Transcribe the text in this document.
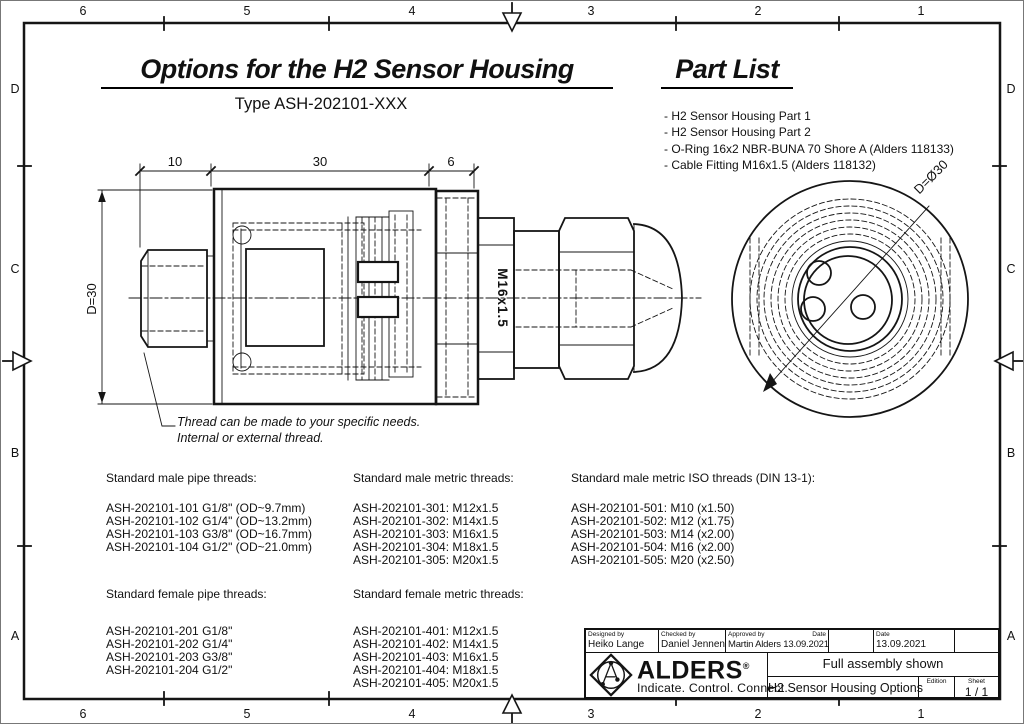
10	30	6
D=30	M16x1.5
D=Ø30
Options for the H2 Sensor Housing
Type ASH-202101-XXX
Part List
- H2 Sensor Housing Part 1
- H2 Sensor Housing Part 2
- O-Ring 16x2 NBR-BUNA 70 Shore A (Alders 118133)
- Cable Fitting M16x1.5 (Alders 118132)
Thread can be made to your specific needs.
Internal or external thread.
Standard male pipe threads:
ASH-202101-101 G1/8" (OD~9.7mm)
ASH-202101-102 G1/4" (OD~13.2mm)
ASH-202101-103 G3/8" (OD~16.7mm)
ASH-202101-104 G1/2" (OD~21.0mm)
Standard male metric threads:
ASH-202101-301: M12x1.5
ASH-202101-302: M14x1.5
ASH-202101-303: M16x1.5
ASH-202101-304: M18x1.5
ASH-202101-305: M20x1.5
Standard male metric ISO threads (DIN 13-1):
ASH-202101-501: M10 (x1.50)
ASH-202101-502: M12 (x1.75)
ASH-202101-503: M14 (x2.00)
ASH-202101-504: M16 (x2.00)
ASH-202101-505: M20 (x2.50)
Standard female pipe threads:
ASH-202101-201 G1/8"
ASH-202101-202 G1/4"
ASH-202101-203 G3/8"
ASH-202101-204 G1/2"
Standard female metric threads:
ASH-202101-401: M12x1.5
ASH-202101-402: M14x1.5
ASH-202101-403: M16x1.5
ASH-202101-404: M18x1.5
ASH-202101-405: M20x1.5
Designed by
Heiko Lange
Checked by
Daniel Jennen
Approved by	Date
Martin Alders 13.09.2021
Date
13.09.2021
ALDERS®
Indicate. Control. Connect.
Full assembly shown
H2 Sensor Housing Options Edition	Sheet
1 / 1
6	5	4	3	2	1
6	5	4	3	2	1
D
C
B
A
D
C
B
A
